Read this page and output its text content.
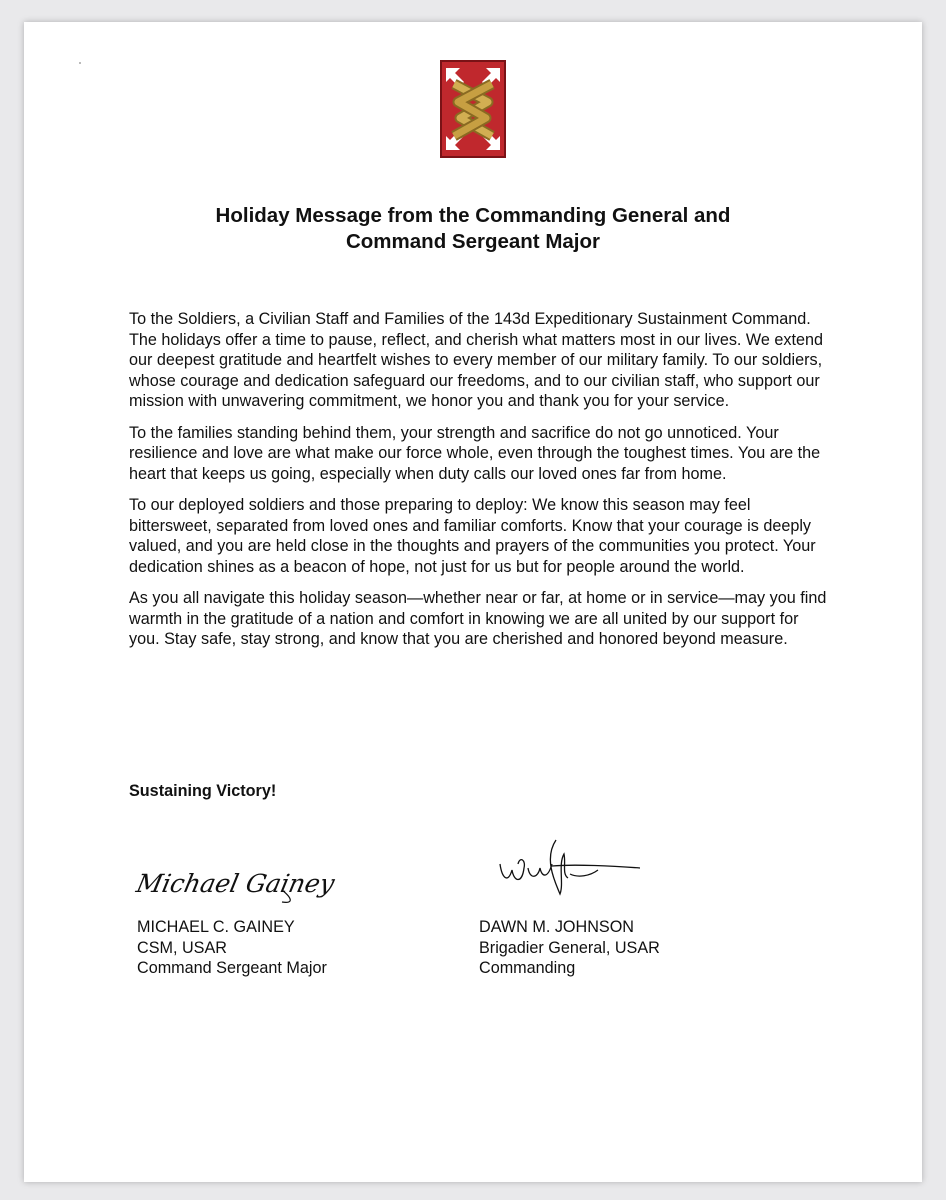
Holiday Message from the Commanding General and
Command Sergeant Major

To the Soldiers, a Civilian Staff and Families of the 143d Expeditionary Sustainment Command. The holidays offer a time to pause, reflect, and cherish what matters most in our lives. We extend our deepest gratitude and heartfelt wishes to every member of our military family. To our soldiers, whose courage and dedication safeguard our freedoms, and to our civilian staff, who support our mission with unwavering commitment, we honor you and thank you for your service.

To the families standing behind them, your strength and sacrifice do not go unnoticed. Your resilience and love are what make our force whole, even through the toughest times. You are the heart that keeps us going, especially when duty calls our loved ones far from home.

To our deployed soldiers and those preparing to deploy: We know this season may feel bittersweet, separated from loved ones and familiar comforts. Know that your courage is deeply valued, and you are held close in the thoughts and prayers of the communities you protect. Your dedication shines as a beacon of hope, not just for us but for people around the world.

As you all navigate this holiday season—whether near or far, at home or in service—may you find warmth in the gratitude of a nation and comfort in knowing we are all united by our support for you. Stay safe, stay strong, and know that you are cherished and honored beyond measure.

Sustaining Victory!

Michael Gainey
MICHAEL C. GAINEY
CSM, USAR
Command Sergeant Major
DAWN M. JOHNSON
Brigadier General, USAR
Commanding
